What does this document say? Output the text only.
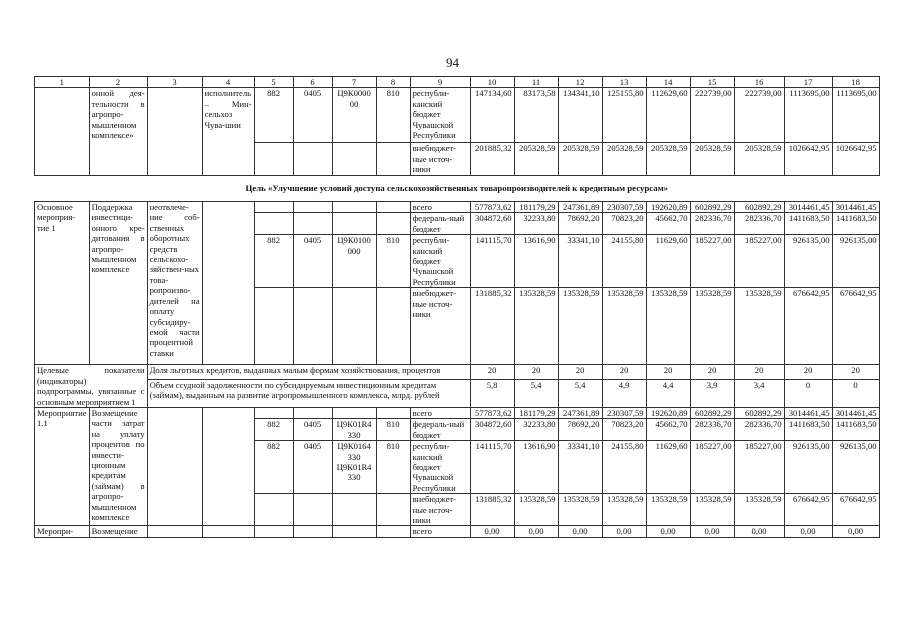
94
1	2	3	4	5	6	7	8	9	10	11	12	13	14	15	16	17	18
	онной дея-тельности в агропро-мышленном комплексе»		исполнитель – Мин-сельхоз Чува-шии	882	0405	Ц9К0000 00	810	республи-канский бюджет Чувашской Республики	147134,60	83173,58	134341,10	125155,80	112629,60	222739,00	222739,00	1113695,00	1113695,00
								внебюджет-ные источ-ники	201885,32	205328,59	205328,59	205328,59	205328,59	205328,59	205328,59	1026642,95	1026642,95
Цель «Улучшение условий доступа сельскохозяйственных товаропроизводителей к кредитным ресурсам»																	
Основное мероприя-тие 1	Поддержка инвестици-онного кре-дитования в агропро-мышленном комплексе	неотвлече-ние соб-ственных оборотных средств сельскохо-зяйствен-ных това-ропроизво-дителей на оплату субсидиру-емой части процентной ставки						всего	577873,62	181179,29	247361,89	230307,59	192620,89	602892,29	602892,29	3014461,45	3014461,45
								федераль-ный бюджет	304872,60	32233,80	78692,20	70823,20	45662,70	282336,70	282336,70	1411683,50	1411683,50
				882	0405	Ц9К0100 000	810	республи-канский бюджет Чувашской Республики	141115,70	13616,90	33341,10	24155,80	11629,60	185227,00	185227,00	926135,00	926135,00
								внебюджет-ные источ-ники	131885,32	135328,59	135328,59	135328,59	135328,59	135328,59	135328,59	676642,95	676642,95
Целевые показатели (индикаторы) подпрограммы, увязанные с основным мероприятием 1		Доля льготных кредитов, выданных малым формам хозяйствования, процентов							20	20	20	20	20	20	20	20	20
		Объем ссудной задолженности по субсидируемым инвестиционным кредитам (займам), выданным на развитие агропромышленного комплекса, млрд. рублей							5,8	5,4	5,4	4,9	4,4	3,9	3,4	0	0
Мероприятие 1.1	Возмещение части затрат на уплату процентов по инвести-ционным кредитам (займам) в агропро-мышленном комплексе							всего	577873,62	181179,29	247361,89	230307,59	192620,89	602892,29	602892,29	3014461,45	3014461,45
				882	0405	Ц9К01R4 330	810	федераль-ный бюджет	304872,60	32233,80	78692,20	70823,20	45662,70	282336,70	282336,70	1411683,50	1411683,50
				882	0405	Ц9К0164 330 Ц9К01R4 330	810	республи-канский бюджет Чувашской Республики	141115,70	13616,90	33341,10	24155,80	11629,60	185227,00	185227,00	926135,00	926135,00
								внебюджет-ные источ-ники	131885,32	135328,59	135328,59	135328,59	135328,59	135328,59	135328,59	676642,95	676642,95
Меропри-	Возмещение							всего	0,00	0,00	0,00	0,00	0,00	0,00	0,00	0,00	0,00
